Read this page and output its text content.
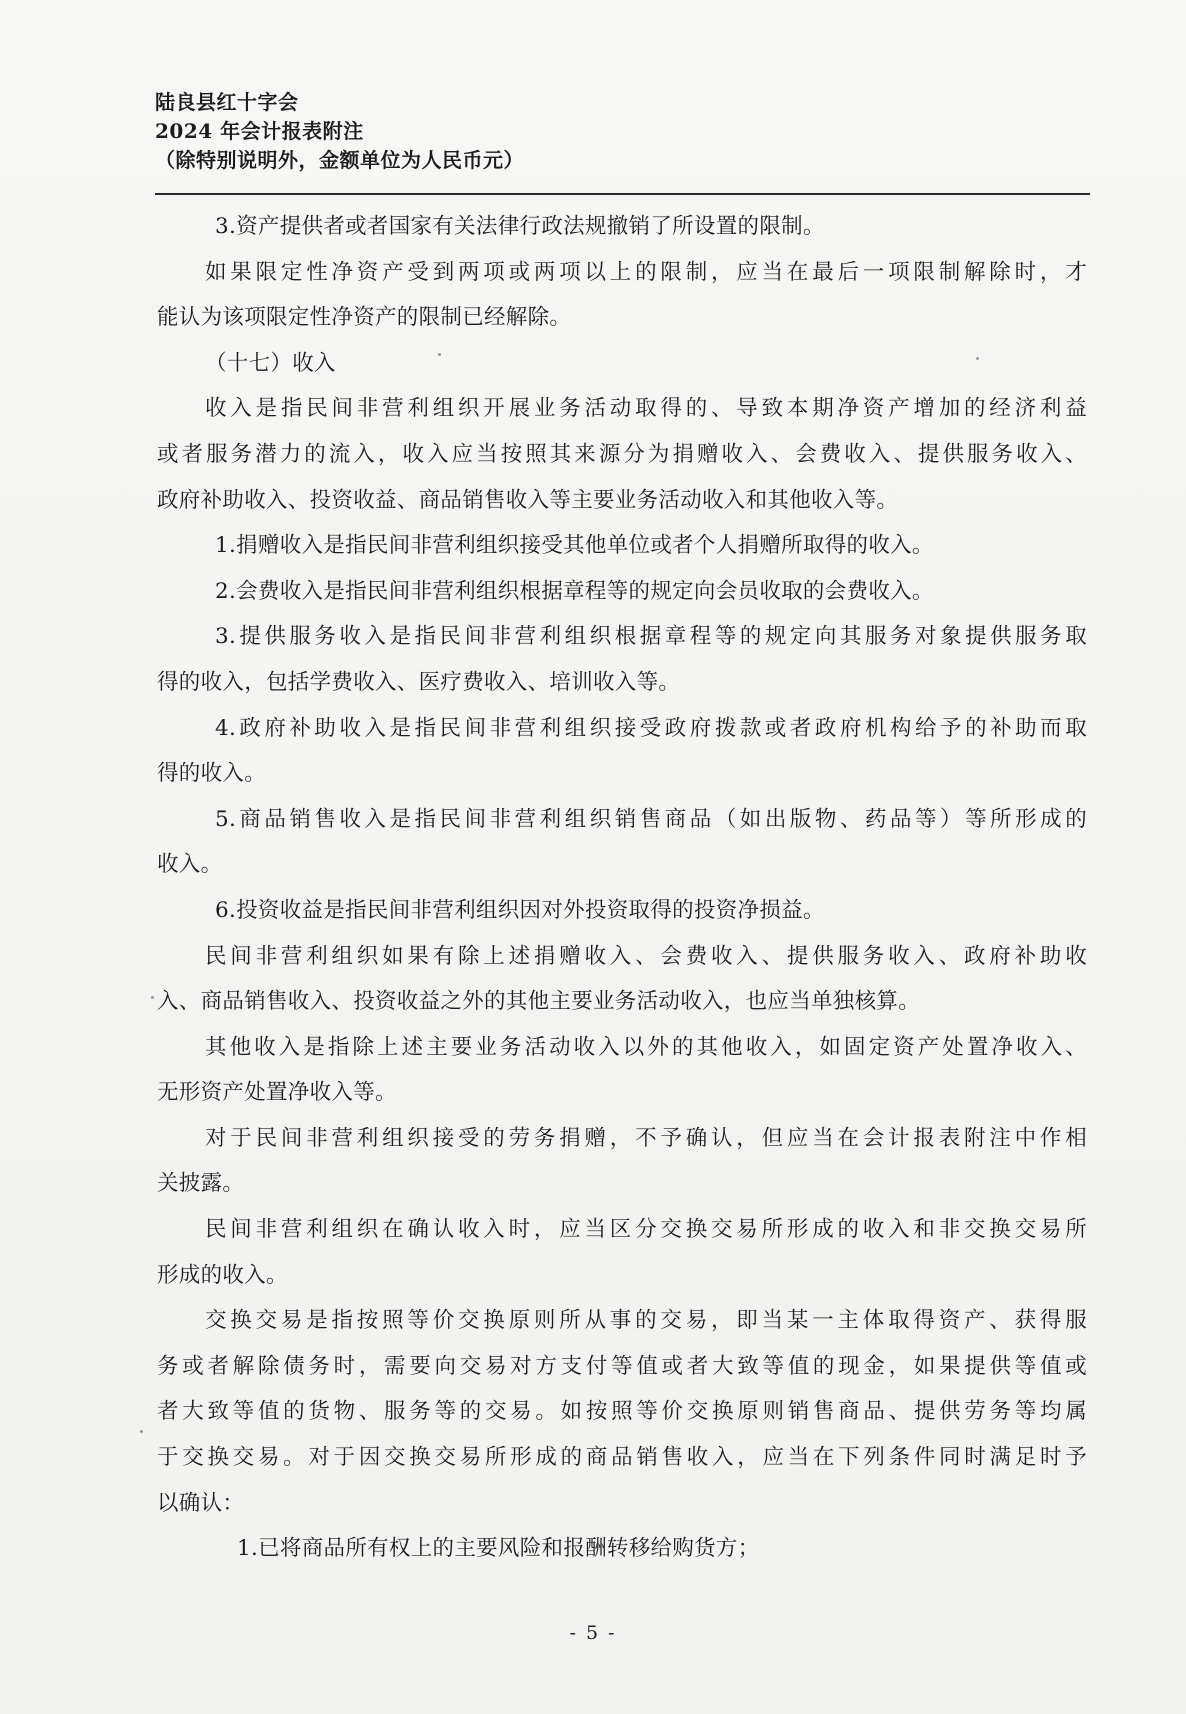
陆良县红十字会
2024 年会计报表附注
（除特别说明外，金额单位为人民币元）
3.资产提供者或者国家有关法律行政法规撤销了所设置的限制。
如果限定性净资产受到两项或两项以上的限制，应当在最后一项限制解除时，才
能认为该项限定性净资产的限制已经解除。
（十七）收入
收入是指民间非营利组织开展业务活动取得的、导致本期净资产增加的经济利益
或者服务潜力的流入，收入应当按照其来源分为捐赠收入、会费收入、提供服务收入、
政府补助收入、投资收益、商品销售收入等主要业务活动收入和其他收入等。
1.捐赠收入是指民间非营利组织接受其他单位或者个人捐赠所取得的收入。
2.会费收入是指民间非营利组织根据章程等的规定向会员收取的会费收入。
3.提供服务收入是指民间非营利组织根据章程等的规定向其服务对象提供服务取
得的收入，包括学费收入、医疗费收入、培训收入等。
4.政府补助收入是指民间非营利组织接受政府拨款或者政府机构给予的补助而取
得的收入。
5.商品销售收入是指民间非营利组织销售商品（如出版物、药品等）等所形成的
收入。
6.投资收益是指民间非营利组织因对外投资取得的投资净损益。
民间非营利组织如果有除上述捐赠收入、会费收入、提供服务收入、政府补助收
入、商品销售收入、投资收益之外的其他主要业务活动收入，也应当单独核算。
其他收入是指除上述主要业务活动收入以外的其他收入，如固定资产处置净收入、
无形资产处置净收入等。
对于民间非营利组织接受的劳务捐赠，不予确认，但应当在会计报表附注中作相
关披露。
民间非营利组织在确认收入时，应当区分交换交易所形成的收入和非交换交易所
形成的收入。
交换交易是指按照等价交换原则所从事的交易，即当某一主体取得资产、获得服
务或者解除债务时，需要向交易对方支付等值或者大致等值的现金，如果提供等值或
者大致等值的货物、服务等的交易。如按照等价交换原则销售商品、提供劳务等均属
于交换交易。对于因交换交易所形成的商品销售收入，应当在下列条件同时满足时予
以确认：
1.已将商品所有权上的主要风险和报酬转移给购货方；
- 5 -
